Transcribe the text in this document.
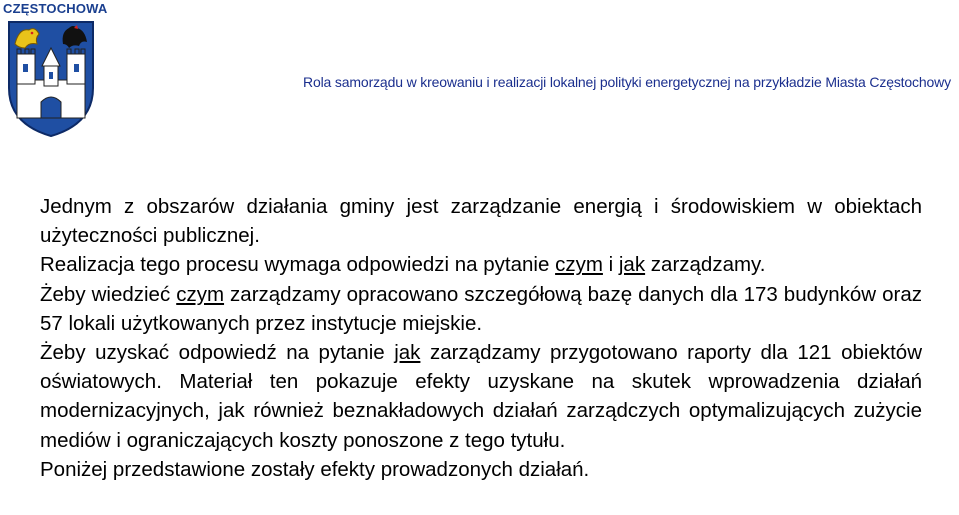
CZĘSTOCHOWA
Rola samorządu w kreowaniu i realizacji lokalnej polityki energetycznej na przykładzie Miasta Częstochowy

Jednym z obszarów działania gminy jest zarządzanie energią i środowiskiem w obiektach użyteczności publicznej.

Realizacja tego procesu wymaga odpowiedzi na pytanie czym i jak zarządzamy.

Żeby wiedzieć czym zarządzamy opracowano szczegółową bazę danych dla 173 budynków oraz 57 lokali użytkowanych przez instytucje miejskie.

Żeby uzyskać odpowiedź na pytanie jak zarządzamy przygotowano raporty dla 121 obiektów oświatowych. Materiał ten pokazuje efekty uzyskane na skutek wprowadzenia działań modernizacyjnych, jak również beznakładowych działań zarządczych optymalizujących zużycie mediów i ograniczających koszty ponoszone z tego tytułu.

Poniżej przedstawione zostały efekty prowadzonych działań.
